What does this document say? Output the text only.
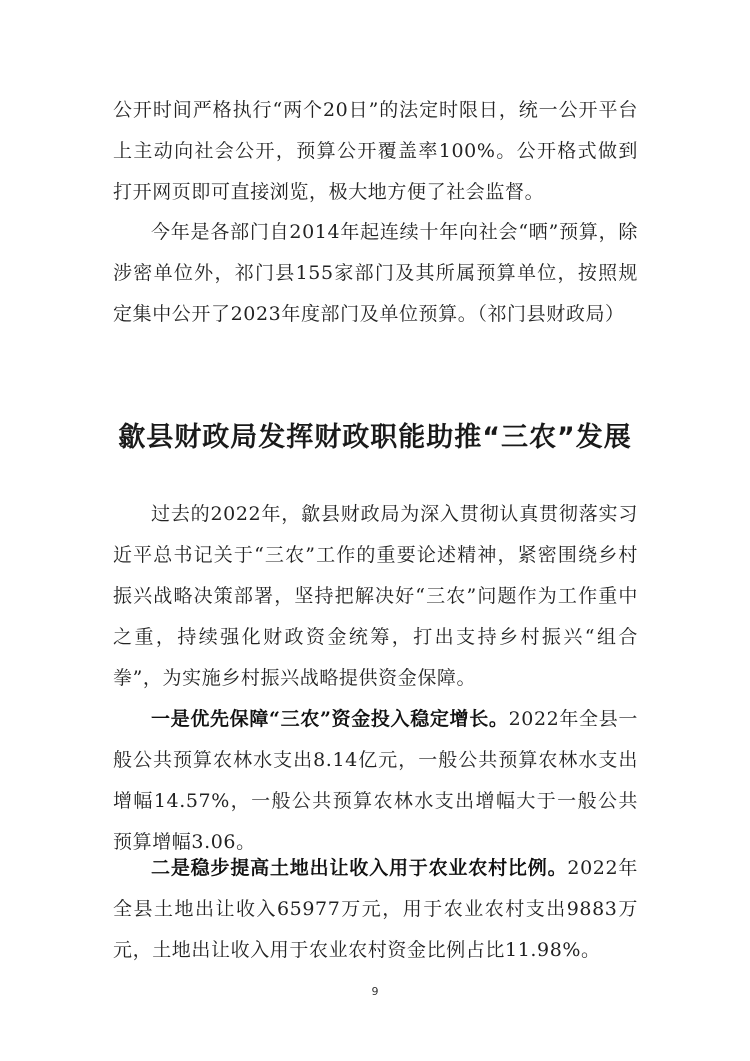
公开时间严格执行“两个20日”的法定时限日，统一公开平台上主动向社会公开，预算公开覆盖率100%。公开格式做到打开网页即可直接浏览，极大地方便了社会监督。

今年是各部门自2014年起连续十年向社会“晒”预算，除涉密单位外，祁门县155家部门及其所属预算单位，按照规定集中公开了2023年度部门及单位预算。（祁门县财政局）

歙县财政局发挥财政职能助推“三农”发展

过去的2022年，歙县财政局为深入贯彻认真贯彻落实习近平总书记关于“三农”工作的重要论述精神，紧密围绕乡村振兴战略决策部署，坚持把解决好“三农”问题作为工作重中之重，持续强化财政资金统筹，打出支持乡村振兴“组合拳”，为实施乡村振兴战略提供资金保障。

一是优先保障“三农”资金投入稳定增长。2022年全县一般公共预算农林水支出8.14亿元，一般公共预算农林水支出增幅14.57%，一般公共预算农林水支出增幅大于一般公共预算增幅3.06。

二是稳步提高土地出让收入用于农业农村比例。2022年全县土地出让收入65977万元，用于农业农村支出9883万元，土地出让收入用于农业农村资金比例占比11.98%。

9
